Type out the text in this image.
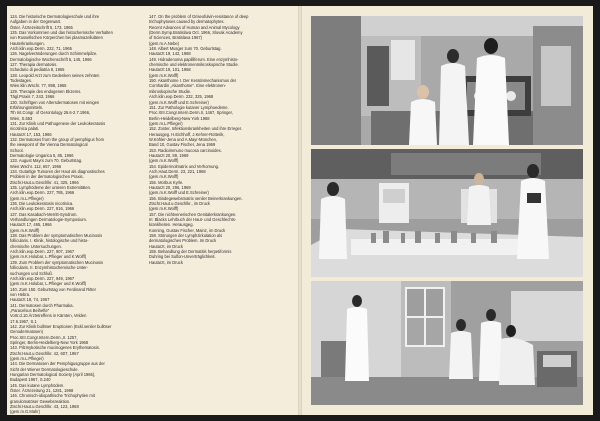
124. Die historische Dermatologieschule und ihre
Aufgaben in der Gegenwart.
Öster. Ärztezeitschrift 5, 173, 1965
125. Das Vorkommen und das histochemische Verhalten
von Russellschen Körperchen bei plasmazellulären
Hauterkrankungen.
Arch.klin.exp.Derm. 222, 71, 1965
126. Nagelveränderungen durch Schimmelpilze.
Dermatologische Wochenschrift 5, 145, 1966
127. Therapia dermatosis.
Schedario di pediatria 8, 1965
128. Leopold Arzt zum Gedenken seines zehnten
Todestages.
Wien.klin.Wschr. 77, 898, 1965
129. Therapie des endogenen Ekzems.
Tägl.Praxis 7, 243, 1966
130. Schriftgen von Altersdermatosen mit einigen
Erfahrungsmitteln.
7th Int.Congr. of Gerontology 26.6-2.7.1966,
Wien, S.553
131. Zur Klinik und Pathogenese der Leukokeratosis
nicotinica palati.
Hautarzt 17, 153, 1966
132. Dermatoses from the group of pemphigus from
the viewpoint of the Vienna Dermatological
School.
Dermatologie Ungarica 5, 85, 1966
133. August Mayrs zum 70. Geburtstag.
Wien.Wschr. 112, 657, 1966
134. Gutartige Tumoren der Haut als diagnostisches
Problem in der dermatologischen Praxis.
Ztschr.Haut.u.Geschlkr. 41, 325, 1966
135. Lymphödeme der unteren Extremitäten.
Arch.klin.exp.Derm. 227, 785, 1966
(gem.m.L.Pflieger)
136. Die Leukokeratosis nicotinica.
Arch.klin.exp.Derm. 227, 816, 1966
137. Das Kasabach-Merritt-Syndrom.
Verhandlungen Dermatologie-Symposium.
Hautarzt 17, 465, 1966
(gem.m.K.Wolff)
138. Das Problem der symptomatischen Mucinosis
follicularis. I. Klinik, histologische und histo-
chemische Untersuchungen.
Arch.klin.exp.Derm. 227, 907, 1967
(gem.m.K.Holubar, L.Pflieger und K.Wolff)
139. Zum Problem der symptomatischen Mucinosis
follicularis. II. Enzymhistochemische Unter-
suchungen und Schluß.
Arch.klin.exp.Derm. 227, 949, 1967
(gem.m.K.Holubar, L.Pflieger und K.Wolff)
140. Zum 150. Geburtstag von Ferdinand Ritter
von Hebra.
Hautarzt 18, 74, 1967
141. Dermatosen durch Pharmaka.
„Paracelsus Beihefte"
Vortr.d.10.Ärztetreffens in Kärnten, Velden
17.6.1967, S.1
142. Zur Klinik bullöser Eruptionen (Exkl.seniler bullöser
Genodermatosen)
Proc.XIII.Congr.Intern.Derm.,II. 1257,
Springer, Berlin-Heidelberg-New York 1968
143. Pilzmykotische mucinogenes Erythematosis.
Ztschr.Haut.u.Geschlkr. 42, 607, 1967
(gem.m.L.Pflieger)
144. Die Dermatosen der Pemphigusgruppe aus der
Sicht der Wiener Dermatologieschule.
Hungarian Dermatological Society (April 1965),
Budapest 1967, S.240
145. Das kutane Lymphödem.
Öster. Ärztezeitung 21, 1281, 1968
146. Chronisch-idiopathische Trichophytien mit
granulomatöser Gewebsreaktion.
Ztschr.Haut.u.Geschlkr. 43, 123, 1968
(gem.m.G.Mahr)
147. On the problem of Griseofulvin-resistance of deep
trichophytoses caused by dermatophytes.
Recent Advances of Human and Animal Mycology
(Derm.Symp.Bratislava Oct. 1966, Slovak Academy
of Sciences, Bratislava 1967)
(gem.m.A.Nebe)
148. Albert Musger zum 70. Geburtstag.
Hautarzt 19, 142, 1968
149. Hidradenoma papilliferum. Eine enzymhisto-
chemische und elektronenmikroskopische Studie.
Hautarzt 19, 101, 1968
(gem.m.K.Wolff)
150. Akanthome I. Der Keratinmechanismus der
Cornhardin „Akanthome". Eine elektronen-
mikroskopische Studie.
Arch.klin.exp.Derm. 232, 325, 1968
(gem.m.K.Wolff und E.Schreiner)
151. Zur Pathologie kutaner Lymphoedeme.
Proc.XIII.Congr.Intern.Derm.II, 1467, Springer,
Berlin-Heidelberg-New York 1968
(gem.m.L.Pflieger)
152. Zoster, Infektionskrankheiten und ihre Erreger.
Herausgeg. H.Eichhoff, J.Kehrer-Rotterik,
W.Köhler-Jena und A.Mayr-München,
Band 10, Gustav Fischer, Jena 1969
153. Radioimmuno mucosa carcinoides.
Hautarzt 20, 89, 1969
(gem.m.K.Wolff)
154. Epidermolmatrix und Verhornung.
Arch.Haut.Derm. 23, 221, 1968
(gem.m.K.Wolff)
155. Morbus Kyrle.
Hautarzt 20, 296, 1969
(gem.m.K.Wolff und E.Schreiner)
156. Bindegewebsmatrix seniler Beinerkrankungen.
Ztschr.Haut.u.Geschlkr., im Druck
(gem.m.K.Wolff)
157. Die nichtvenerischen Genitalerkrankungen.
In: Blacks Lehrbuch der Haut- und Geschlechts-
krankheiten. Herausgeg.
Konning, Gustav Fischer, Mainz, im Druck
158. Störungen der Lymphzirkulation als
dermatologisches Problem. Im Druck
Hautarzt, im Druck
159. Behandlung der Dermatitis herpetiformis
Duhring bei Sulfon-Unverträglichkeit.
Hautarzt, im Druck
